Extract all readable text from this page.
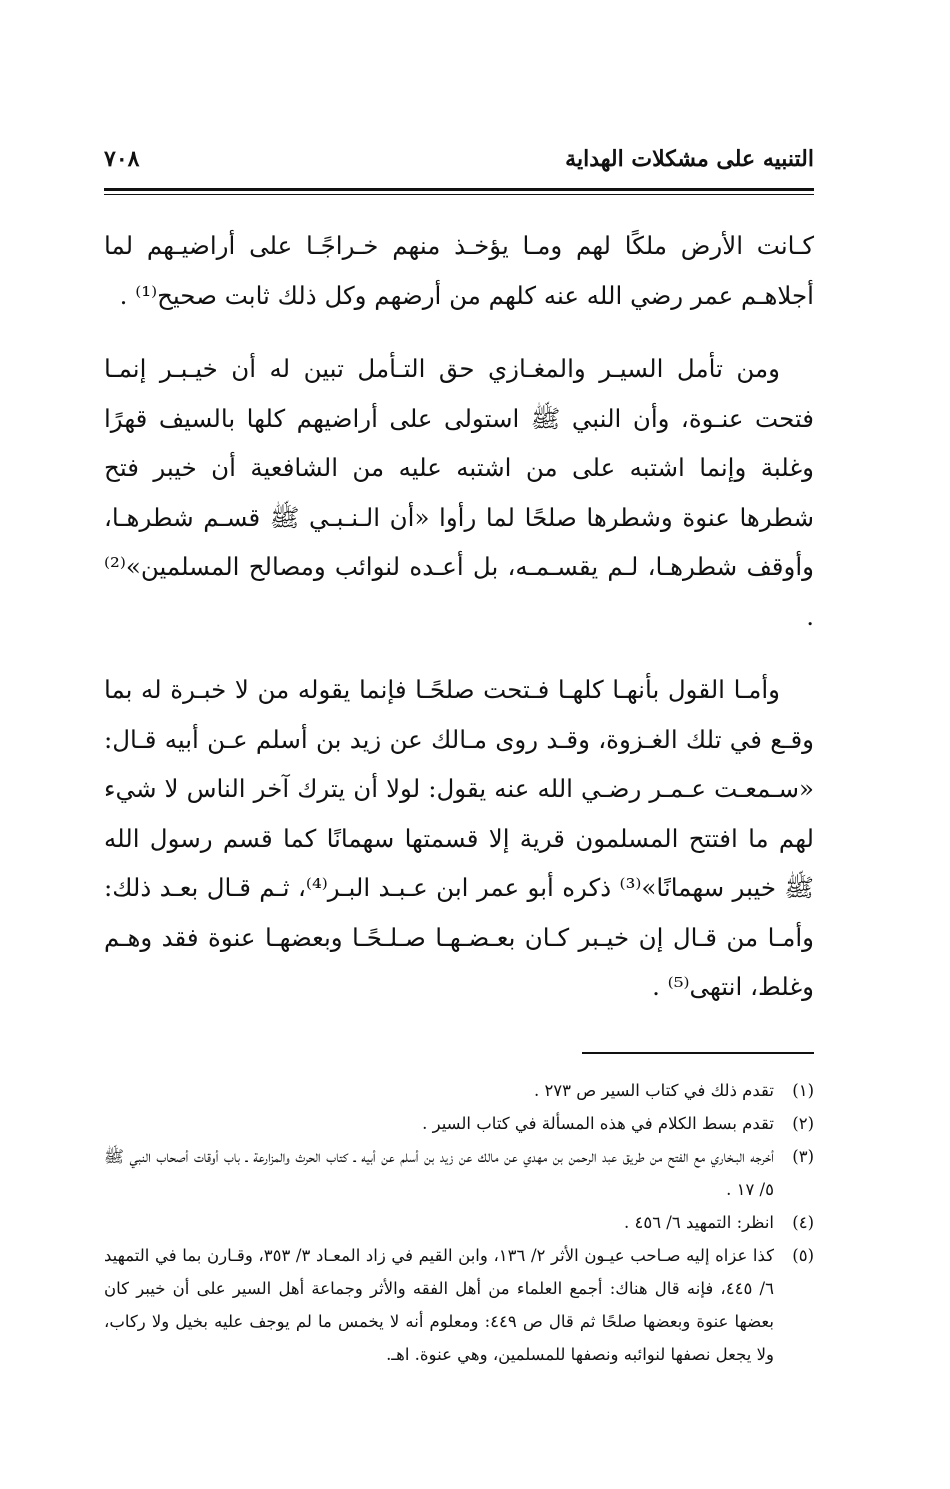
التنبيه على مشكلات الهداية
٧٠٨

كـانت الأرض ملكًا لهم ومـا يؤخـذ منهم خـراجًـا على أراضيـهم لما أجلاهـم عمر رضي الله عنه كلهم من أرضهم وكل ذلك ثابت صحيح⁽¹⁾ .

ومن تأمل السيـر والمغـازي حق التـأمل تبين له أن خيـبـر إنمـا فتحت عنـوة، وأن النبي ﷺ استولى على أراضيهم كلها بالسيف قهرًا وغلبة وإنما اشتبه على من اشتبه عليه من الشافعية أن خيبر فتح شطرها عنوة وشطرها صلحًا لما رأوا «أن الـنـبـي ﷺ قسـم شطرهـا، وأوقف شطرهـا، لـم يقسـمـه، بل أعـده لنوائب ومصالح المسلمين»⁽²⁾ .

وأمـا القول بأنهـا كلهـا فـتحت صلحًـا فإنما يقوله من لا خبـرة له بما وقـع في تلك الغـزوة، وقـد روى مـالك عن زيد بن أسلم عـن أبيه قـال: «سـمعـت عـمـر رضـي الله عنه يقول: لولا أن يترك آخر الناس لا شيء لهم ما افتتح المسلمون قرية إلا قسمتها سهمانًا كما قسم رسول الله ﷺ خيبر سهمانًا»⁽³⁾ ذكره أبو عمر ابن عـبـد البـر⁽⁴⁾، ثـم قـال بعـد ذلك: وأمـا من قـال إن خيـبر كـان بعـضـهـا صـلـحًـا وبعضهـا عنوة فقد وهـم وغلط، انتهى⁽⁵⁾ .

(١)
تقدم ذلك في كتاب السير ص ٢٧٣ .
(٢)
تقدم بسط الكلام في هذه المسألة في كتاب السير .
(٣)
أخرجه البـخاري مع الفتح من طريق عبد الرحمن بن مهدي عن مالك عن زيد بن أسلم عن أبيه ـ كتاب الحرث والمزارعة ـ باب أوقات أصحاب النبي ﷺ ٥/ ١٧ .
(٤)
انظر: التمهيد ٦/ ٤٥٦ .
(٥)
كذا عزاه إليه صـاحب عيـون الأثر ٢/ ١٣٦، وابن القيم في زاد المعـاد ٣/ ٣٥٣، وقـارن بما في التمهيد ٦/ ٤٤٥، فإنه قال هناك: أجمع العلماء من أهل الفقه والأثر وجماعة أهل السير على أن خيبر كان بعضها عنوة وبعضها صلحًا ثم قال ص ٤٤٩: ومعلوم أنه لا يخمس ما لم يوجف عليه بخيل ولا ركاب، ولا يجعل نصفها لنوائبه ونصفها للمسلمين، وهي عنوة. اهـ.
